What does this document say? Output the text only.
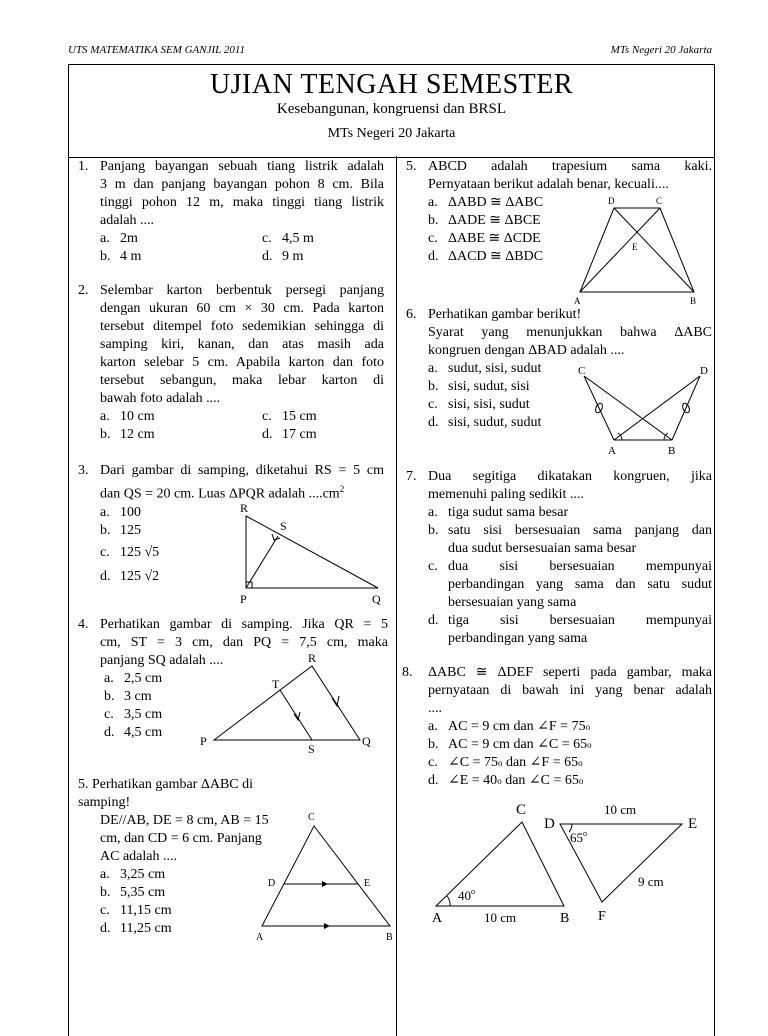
UTS MATEMATIKA SEM GANJIL 2011	MTs Negeri 20 Jakarta
UJIAN TENGAH SEMESTER
Kesebangunan, kongruensi dan BRSL
MTs Negeri 20 Jakarta
1. Panjang bayangan sebuah tiang listrik adalah
3 m dan panjang bayangan pohon 8 cm. Bila
tinggi pohon 12 m, maka tinggi tiang listrik
adalah ....
a. 2m	c. 4,5 m
b. 4 m	d. 9 m
2. Selembar karton berbentuk persegi panjang
dengan ukuran 60 cm × 30 cm. Pada karton
tersebut ditempel foto sedemikian sehingga di
samping kiri, kanan, dan atas masih ada
karton selebar 5 cm. Apabila karton dan foto
tersebut sebangun, maka lebar karton di
bawah foto adalah ....
a. 10 cm	c. 15 cm
b. 12 cm	d. 17 cm
3. Dari gambar di samping, diketahui RS = 5 cm
dan QS = 20 cm. Luas ΔPQR adalah $....cm^2$
a. 100
b. 125
c. 125 √5
d. 125 √2
R
S
P	Q
4. Perhatikan gambar di samping. Jika QR = 5
cm, ST = 3 cm, dan PQ = 7,5 cm, maka
panjang SQ adalah ....
a. 2,5 cm
b. 3 cm
c. 3,5 cm
d. 4,5 cm
R
T
P
S
Q
5. Perhatikan gambar ΔABC di samping!
DE//AB, DE = 8 cm, AB = 15
cm, dan CD = 6 cm. Panjang
AC adalah ....
a. 3,25 cm
b. 5,35 cm
c. 11,15 cm
d. 11,25 cm
C
D	E
A	B
5. ABCD adalah trapesium sama kaki.
Pernyataan berikut adalah benar, kecuali....
a. ΔABD ≅ ΔABC
b. ΔADE ≅ ΔBCE
c. ΔABE ≅ ΔCDE
d. ΔACD ≅ ΔBDC
D	C
E
A	B
6. Perhatikan gambar berikut!
Syarat yang menunjukkan bahwa ΔABC
kongruen dengan ΔBAD adalah ....
a. sudut, sisi, sudut
b. sisi, sudut, sisi
c. sisi, sisi, sudut
d. sisi, sudut, sudut
C	D
A	B
7. Dua segitiga dikatakan kongruen, jika
memenuhi paling sedikit ....
a. tiga sudut sama besar
b. satu sisi bersesuaian sama panjang dan
dua sudut bersesuaian sama besar
c. dua sisi bersesuaian mempunyai
perbandingan yang sama dan satu sudut
bersesuaian yang sama
d. tiga sisi bersesuaian mempunyai
perbandingan yang sama
8.	ΔABC ≅ ΔDEF seperti pada gambar, maka
pernyataan di bawah ini yang benar adalah
....
a. AC = 9 cm dan ∠F = 75 o
b. AC = 9 cm dan ∠C = 65 o
c. ∠C = 75 o dan ∠F = 65 o
d. ∠E = 40 o dan ∠C = 65 o
C
A	B
10 cm
40$^o$
D	E
F
10 cm
9 cm
65$^o$
